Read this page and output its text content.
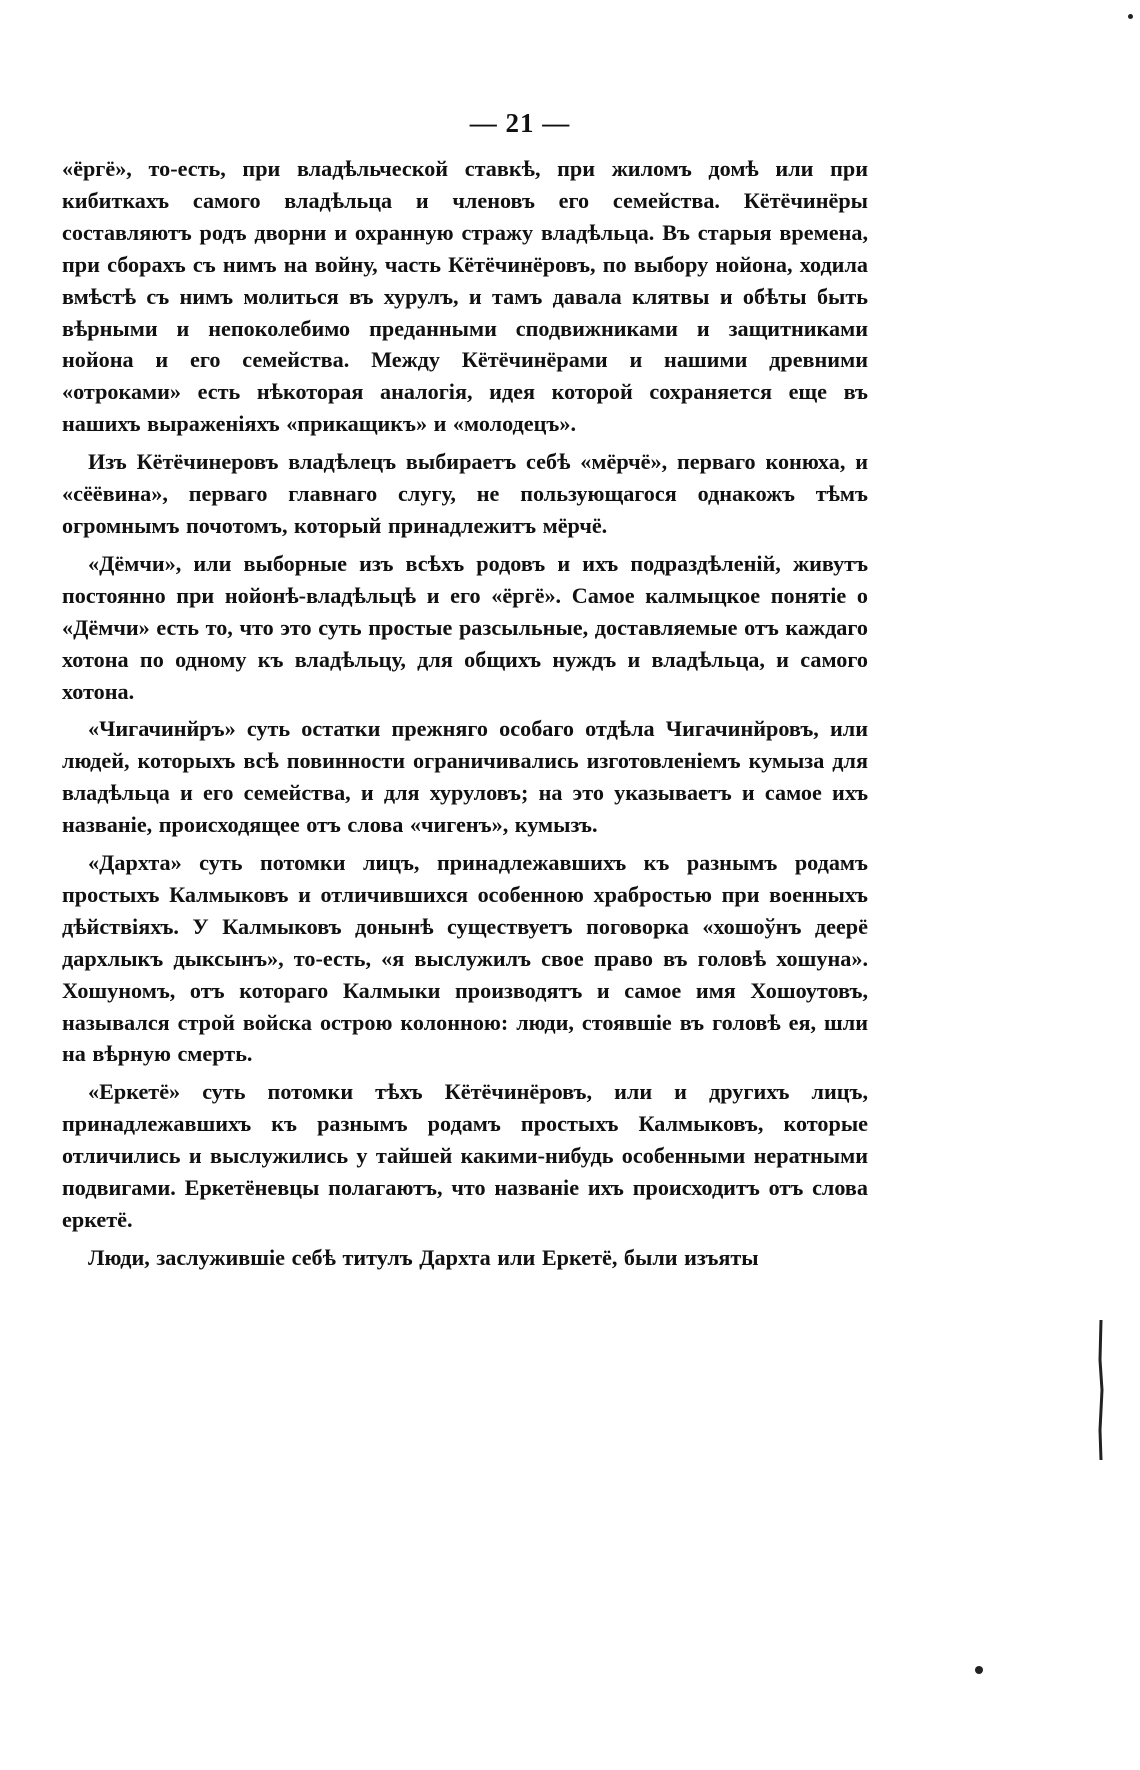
— 21 —

«ёргё», то-есть, при владѣльческой ставкѣ, при жиломъ домѣ или при кибиткахъ самого владѣльца и членовъ его семейства. Кётёчинёры составляютъ родъ дворни и охранную стражу владѣльца. Въ старыя времена, при сборахъ съ нимъ на войну, часть Кётёчинёровъ, по выбору нойона, ходила вмѣстѣ съ нимъ молиться въ хурулъ, и тамъ давала клятвы и обѣты быть вѣрными и непоколебимо преданными сподвижниками и защитниками нойона и его семейства. Между Кётёчинёрами и нашими древними «отроками» есть нѣкоторая аналогія, идея которой сохраняется еще въ нашихъ выраженіяхъ «прикащикъ» и «молодецъ».

Изъ Кётёчинеровъ владѣлецъ выбираетъ себѣ «мёрчё», перваго конюха, и «сёёвина», перваго главнаго слугу, не пользующагося однакожъ тѣмъ огромнымъ почотомъ, который принадлежитъ мёрчё.

«Дёмчи», или выборные изъ всѣхъ родовъ и ихъ подраздѣленій, живутъ постоянно при нойонѣ-владѣльцѣ и его «ёргё». Самое калмыцкое понятіе о «Дёмчи» есть то, что это суть простые разсыльные, доставляемые отъ каждаго хотона по одному къ владѣльцу, для общихъ нуждъ и владѣльца, и самого хотона.

«Чигачинйръ» суть остатки прежняго особаго отдѣла Чигачинйровъ, или людей, которыхъ всѣ повинности ограничивались изготовленіемъ кумыза для владѣльца и его семейства, и для хуруловъ; на это указываетъ и самое ихъ названіе, происходящее отъ слова «чигенъ», кумызъ.

«Дархта» суть потомки лицъ, принадлежавшихъ къ разнымъ родамъ простыхъ Калмыковъ и отличившихся особенною храбростью при военныхъ дѣйствіяхъ. У Калмыковъ донынѣ существуетъ поговорка «хошоўнъ деерё дархлыкъ дыксынъ», то-есть, «я выслужилъ свое право въ головѣ хошуна». Хошуномъ, отъ котораго Калмыки производятъ и самое имя Хошоутовъ, назывался строй войска острою колонною: люди, стоявшіе въ головѣ ея, шли на вѣрную смерть.

«Еркетё» суть потомки тѣхъ Кётёчинёровъ, или и другихъ лицъ, принадлежавшихъ къ разнымъ родамъ простыхъ Калмыковъ, которые отличились и выслужились у тайшей какими-нибудь особенными нератными подвигами. Еркетёневцы полагаютъ, что названіе ихъ происходитъ отъ слова еркетё.

Люди, заслужившіе себѣ титулъ Дархта или Еркетё, были изъяты
